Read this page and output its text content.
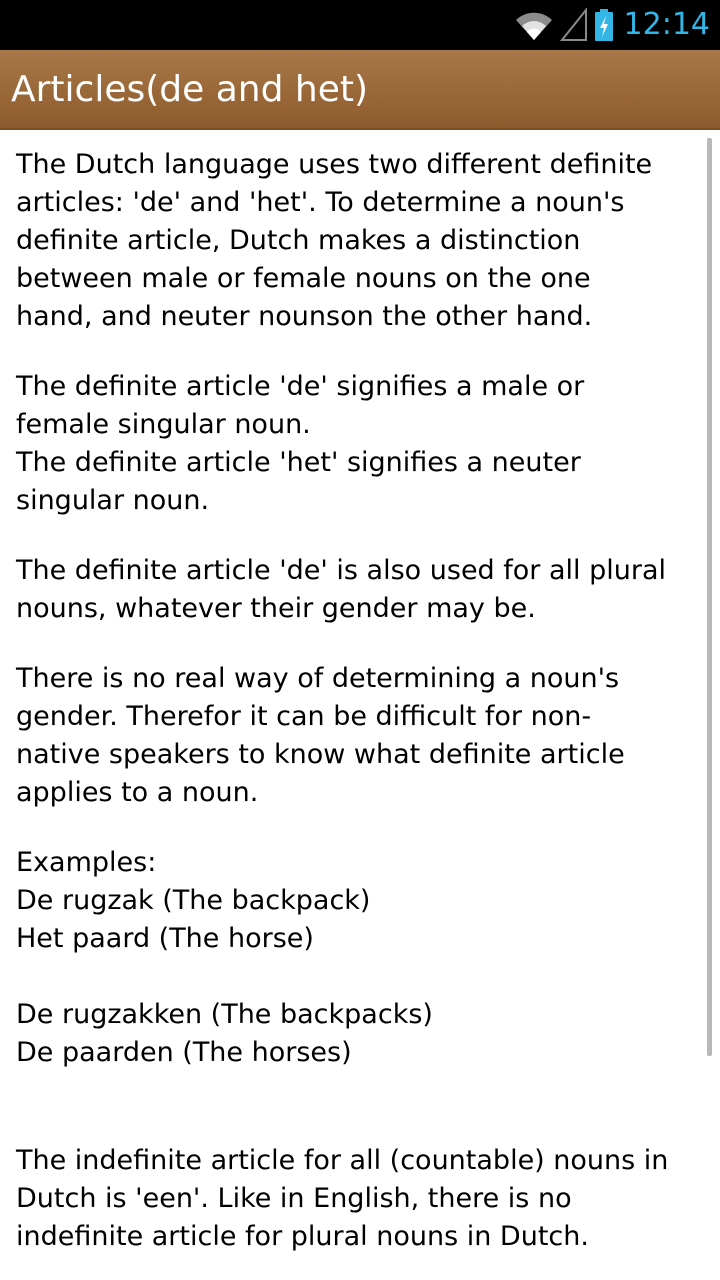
12:14
Articles(de and het)

The Dutch language uses two different definite
articles: 'de' and 'het'. To determine a noun's
definite article, Dutch makes a distinction
between male or female nouns on the one
hand, and neuter nounson the other hand.

The definite article 'de' signifies a male or
female singular noun.
The definite article 'het' signifies a neuter
singular noun.

The definite article 'de' is also used for all plural
nouns, whatever their gender may be.

There is no real way of determining a noun's
gender. Therefor it can be difficult for non-
native speakers to know what definite article
applies to a noun.

Examples:
De rugzak (The backpack)
Het paard (The horse)
De rugzakken (The backpacks)
De paarden (The horses)

The indefinite article for all (countable) nouns in
Dutch is 'een'. Like in English, there is no
indefinite article for plural nouns in Dutch.
